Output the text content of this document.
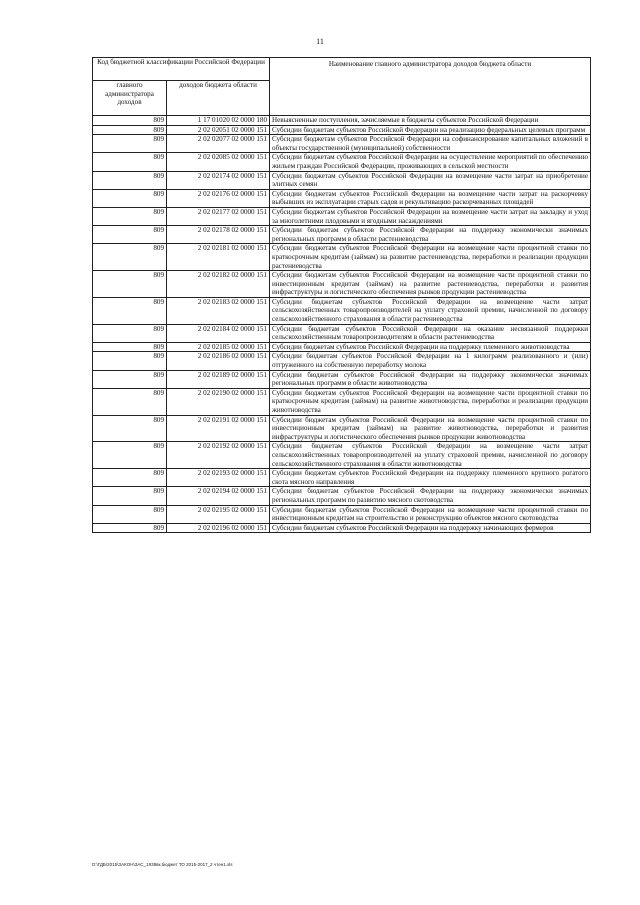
11
Код бюджетной классификации Российской Федерации		Наименование главного администратора доходов бюджета области
главного администратора доходов	доходов бюджета области	
809	1 17 01020 02 0000 180	Невыясненные поступления, зачисляемые в бюджеты субъектов Российской Федерации
809	2 02 02051 02 0000 151	Субсидии бюджетам субъектов Российской Федерации на реализацию федеральных целевых программ
809	2 02 02077 02 0000 151	Субсидии бюджетам субъектов Российской Федерации на софинансирование капитальных вложений в объекты государственной (муниципальной) собственности
809	2 02 02085 02 0000 151	Субсидии бюджетам субъектов Российской Федерации на осуществление мероприятий по обеспечению жильем граждан Российской Федерации, проживающих в сельской местности
809	2 02 02174 02 0000 151	Субсидии бюджетам субъектов Российской Федерации на возмещение части затрат на приобретение элитных семян
809	2 02 02176 02 0000 151	Субсидии бюджетам субъектов Российской Федерации на возмещение части затрат на раскорчевку выбывших из эксплуатации старых садов и рекультивацию раскорчеванных площадей
809	2 02 02177 02 0000 151	Субсидии бюджетам субъектов Российской Федерации на возмещение части затрат на закладку и уход за многолетними плодовыми и ягодными насаждениями
809	2 02 02178 02 0000 151	Субсидии бюджетам субъектов Российской Федерации на поддержку экономически значимых региональных программ в области растениеводства
809	2 02 02181 02 0000 151	Субсидии бюджетам субъектов Российской Федерации на возмещение части процентной ставки по краткосрочным кредитам (займам) на развитие растениеводства, переработки и реализации продукции растениеводства
809	2 02 02182 02 0000 151	Субсидии бюджетам субъектов Российской Федерации на возмещение части процентной ставки по инвестиционным кредитам (займам) на развитие растениеводства, переработки и развития инфраструктуры и логистического обеспечения рынков продукции растениеводства
809	2 02 02183 02 0000 151	Субсидии бюджетам субъектов Российской Федерации на возмещение части затрат сельскохозяйственных товаропроизводителей на уплату страховой премии, начисленной по договору сельскохозяйственного страхования в области растениеводства
809	2 02 02184 02 0000 151	Субсидии бюджетам субъектов Российской Федерации на оказание несвязанной поддержки сельскохозяйственным товаропроизводителям в области растениеводства
809	2 02 02185 02 0000 151	Субсидии бюджетам субъектов Российской Федерации на поддержку племенного животноводства
809	2 02 02186 02 0000 151	Субсидии бюджетам субъектов Российской Федерации на 1 килограмм реализованного и (или) отгруженного на собственную переработку молока
809	2 02 02189 02 0000 151	Субсидии бюджетам субъектов Российской Федерации на поддержку экономически значимых региональных программ в области животноводства
809	2 02 02190 02 0000 151	Субсидии бюджетам субъектов Российской Федерации на возмещение части процентной ставки по краткосрочным кредитам (займам) на развитие животноводства, переработки и реализации продукции животноводства
809	2 02 02191 02 0000 151	Субсидии бюджетам субъектов Российской Федерации на возмещение части процентной ставки по инвестиционным кредитам (займам) на развитие животноводства, переработки и развития инфраструктуры и логистического обеспечения рынков продукции животноводства
809	2 02 02192 02 0000 151	Субсидии бюджетам субъектов Российской Федерации на возмещение части затрат сельскохозяйственных товаропроизводителей на уплату страховой премии, начисленной по договору сельскохозяйственного страхования в области животноводства
809	2 02 02193 02 0000 151	Субсидии бюджетам субъектов Российской Федерации на поддержку племенного крупного рогатого скота мясного направления
809	2 02 02194 02 0000 151	Субсидии бюджетам субъектов Российской Федерации на поддержку экономически значимых региональных программ по развитию мясного скотоводства
809	2 02 02195 02 0000 151	Субсидии бюджетам субъектов Российской Федерации на возмещение части процентной ставки по инвестиционным кредитам на строительство и реконструкцию объектов мясного скотоводства
809	2 02 02196 02 0000 151	Субсидии бюджетам субъектов Российской Федерации на поддержку начинающих фермеров
D:\ГДБ\2015\ЗАКОН\ЗАС_1938вк.бюджет ТО 2015-2017_2 чтен1.xls
